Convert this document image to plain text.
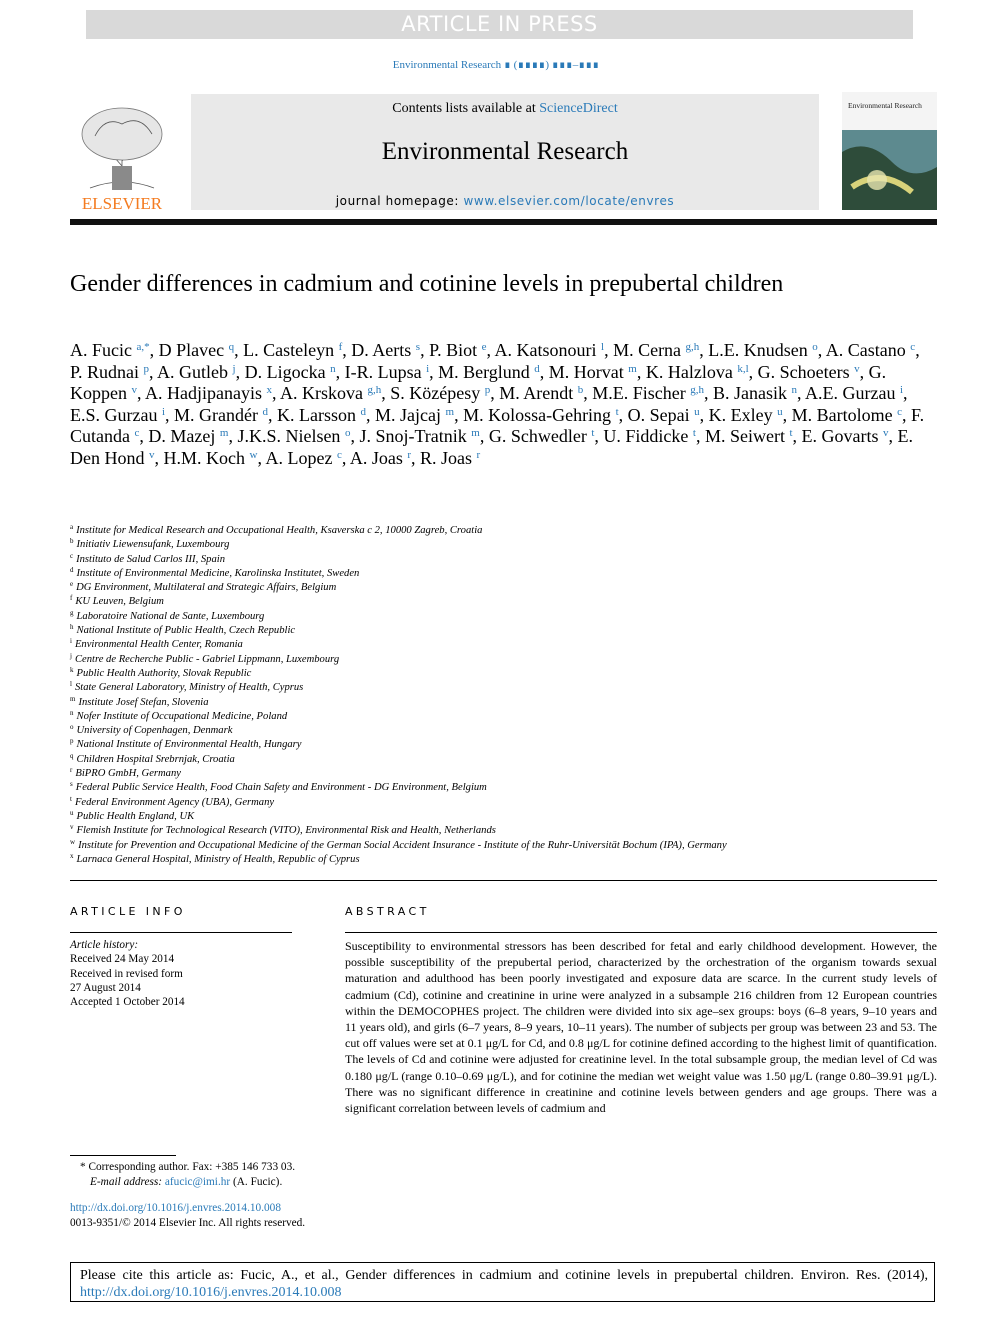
ARTICLE IN PRESS
Environmental Research ∎ (∎∎∎∎) ∎∎∎–∎∎∎
ELSEVIER
Contents lists available at ScienceDirect
Environmental Research
journal homepage: www.elsevier.com/locate/envres
Environmental Research
Gender differences in cadmium and cotinine levels in prepubertal children
A. Fucic $^{a,*}$, D Plavec $^q$, L. Casteleyn $^f$, D. Aerts $^s$, P. Biot $^e$, A. Katsonouri $^l$, M. Cerna $^{g,h}$, L.E. Knudsen $^o$, A. Castano $^c$, P. Rudnai $^p$, A. Gutleb $^j$, D. Ligocka $^n$, I-R. Lupsa $^i$, M. Berglund $^d$, M. Horvat $^m$, K. Halzlova $^{k,l}$, G. Schoeters $^v$, G. Koppen $^v$, A. Hadjipanayis $^x$, A. Krskova $^{g,h}$, S. Középesy $^p$, M. Arendt $^b$, M.E. Fischer $^{g,h}$, B. Janasik $^n$, A.E. Gurzau $^i$, E.S. Gurzau $^i$, M. Grandér $^d$, K. Larsson $^d$, M. Jajcaj $^m$, M. Kolossa-Gehring $^t$, O. Sepai $^u$, K. Exley $^u$, M. Bartolome $^c$, F. Cutanda $^c$, D. Mazej $^m$, J.K.S. Nielsen $^o$, J. Snoj-Tratnik $^m$, G. Schwedler $^t$, U. Fiddicke $^t$, M. Seiwert $^t$, E. Govarts $^v$, E. Den Hond $^v$, H.M. Koch $^w$, A. Lopez $^c$, A. Joas $^r$, R. Joas $^r$
$^a$ Institute for Medical Research and Occupational Health, Ksaverska c 2, 10000 Zagreb, Croatia
$^b$ Initiativ Liewensufank, Luxembourg
$^c$ Instituto de Salud Carlos III, Spain
$^d$ Institute of Environmental Medicine, Karolinska Institutet, Sweden
$^e$ DG Environment, Multilateral and Strategic Affairs, Belgium
$^f$ KU Leuven, Belgium
$^g$ Laboratoire National de Sante, Luxembourg
$^h$ National Institute of Public Health, Czech Republic
$^i$ Environmental Health Center, Romania
$^j$ Centre de Recherche Public - Gabriel Lippmann, Luxembourg
$^k$ Public Health Authority, Slovak Republic
$^l$ State General Laboratory, Ministry of Health, Cyprus
$^m$ Institute Josef Stefan, Slovenia
$^n$ Nofer Institute of Occupational Medicine, Poland
$^o$ University of Copenhagen, Denmark
$^p$ National Institute of Environmental Health, Hungary
$^q$ Children Hospital Srebrnjak, Croatia
$^r$ BiPRO GmbH, Germany
$^s$ Federal Public Service Health, Food Chain Safety and Environment - DG Environment, Belgium
$^t$ Federal Environment Agency (UBA), Germany
$^u$ Public Health England, UK
$^v$ Flemish Institute for Technological Research (VITO), Environmental Risk and Health, Netherlands
$^w$ Institute for Prevention and Occupational Medicine of the German Social Accident Insurance - Institute of the Ruhr-Universität Bochum (IPA), Germany
$^x$ Larnaca General Hospital, Ministry of Health, Republic of Cyprus
ARTICLE INFO
Article history:
Received 24 May 2014
Received in revised form
27 August 2014
Accepted 1 October 2014
ABSTRACT
Susceptibility to environmental stressors has been described for fetal and early childhood development. However, the possible susceptibility of the prepubertal period, characterized by the orchestration of the organism towards sexual maturation and adulthood has been poorly investigated and exposure data are scarce. In the current study levels of cadmium (Cd), cotinine and creatinine in urine were analyzed in a subsample 216 children from 12 European countries within the DEMOCOPHES project. The children were divided into six age–sex groups: boys (6–8 years, 9–10 years and 11 years old), and girls (6–7 years, 8–9 years, 10–11 years). The number of subjects per group was between 23 and 53. The cut off values were set at 0.1 μg/L for Cd, and 0.8 μg/L for cotinine defined according to the highest limit of quantification. The levels of Cd and cotinine were adjusted for creatinine level. In the total subsample group, the median level of Cd was 0.180 μg/L (range 0.10–0.69 μg/L), and for cotinine the median wet weight value was 1.50 μg/L (range 0.80–39.91 μg/L). There was no significant difference in creatinine and cotinine levels between genders and age groups. There was a significant correlation between levels of cadmium and
* Corresponding author. Fax: +385 146 733 03.
E-mail address: afucic@imi.hr (A. Fucic).
http://dx.doi.org/10.1016/j.envres.2014.10.008
0013-9351/© 2014 Elsevier Inc. All rights reserved.
Please cite this article as: Fucic, A., et al., Gender differences in cadmium and cotinine levels in prepubertal children. Environ. Res. (2014), http://dx.doi.org/10.1016/j.envres.2014.10.008
